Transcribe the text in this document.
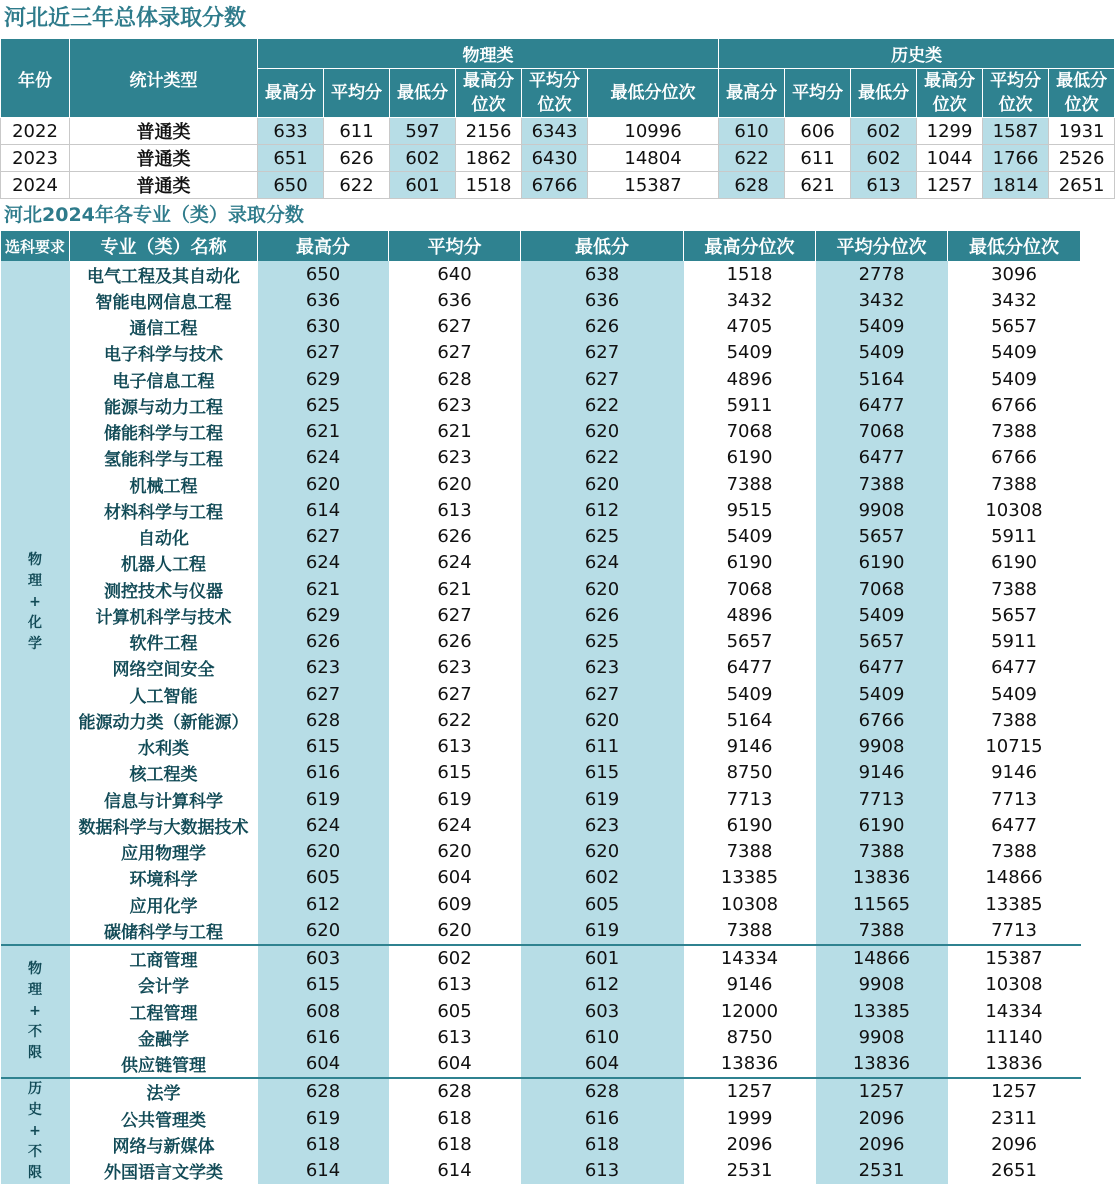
河北近三年总体录取分数
年份	统计类型	物理类						历史类					
		最高分	平均分	最低分	最高分位次	平均分位次	最低分位次	最高分	平均分	最低分	最高分位次	平均分位次	最低分位次
2022	普通类	633	611	597	2156	6343	10996	610	606	602	1299	1587	1931
2023	普通类	651	626	602	1862	6430	14804	622	611	602	1044	1766	2526
2024	普通类	650	622	601	1518	6766	15387	628	621	613	1257	1814	2651
河北2024年各专业（类）录取分数
选科要求	专业（类）名称	最高分	平均分	最低分	最高分位次	平均分位次	最低分位次

物
理
+
化
学	电气工程及其自动化	650	640	638	1518	2778	3096
	智能电网信息工程	636	636	636	3432	3432	3432
	通信工程	630	627	626	4705	5409	5657
	电子科学与技术	627	627	627	5409	5409	5409
	电子信息工程	629	628	627	4896	5164	5409
	能源与动力工程	625	623	622	5911	6477	6766
	储能科学与工程	621	621	620	7068	7068	7388
	氢能科学与工程	624	623	622	6190	6477	6766
	机械工程	620	620	620	7388	7388	7388
	材料科学与工程	614	613	612	9515	9908	10308
	自动化	627	626	625	5409	5657	5911
	机器人工程	624	624	624	6190	6190	6190
	测控技术与仪器	621	621	620	7068	7068	7388
	计算机科学与技术	629	627	626	4896	5409	5657
	软件工程	626	626	625	5657	5657	5911
	网络空间安全	623	623	623	6477	6477	6477
	人工智能	627	627	627	5409	5409	5409
	能源动力类（新能源）	628	622	620	5164	6766	7388
	水利类	615	613	611	9146	9908	10715
	核工程类	616	615	615	8750	9146	9146
	信息与计算科学	619	619	619	7713	7713	7713
	数据科学与大数据技术	624	624	623	6190	6190	6477
	应用物理学	620	620	620	7388	7388	7388
	环境科学	605	604	602	13385	13836	14866
	应用化学	612	609	605	10308	11565	13385
	碳储科学与工程	620	620	619	7388	7388	7713

物
理
+
不
限	工商管理	603	602	601	14334	14866	15387
	会计学	615	613	612	9146	9908	10308
	工程管理	608	605	603	12000	13385	14334
	金融学	616	613	610	8750	9908	11140
	供应链管理	604	604	604	13836	13836	13836

历
史
+
不
限	法学	628	628	628	1257	1257	1257
	公共管理类	619	618	616	1999	2096	2311
	网络与新媒体	618	618	618	2096	2096	2096
	外国语言文学类	614	614	613	2531	2531	2651
